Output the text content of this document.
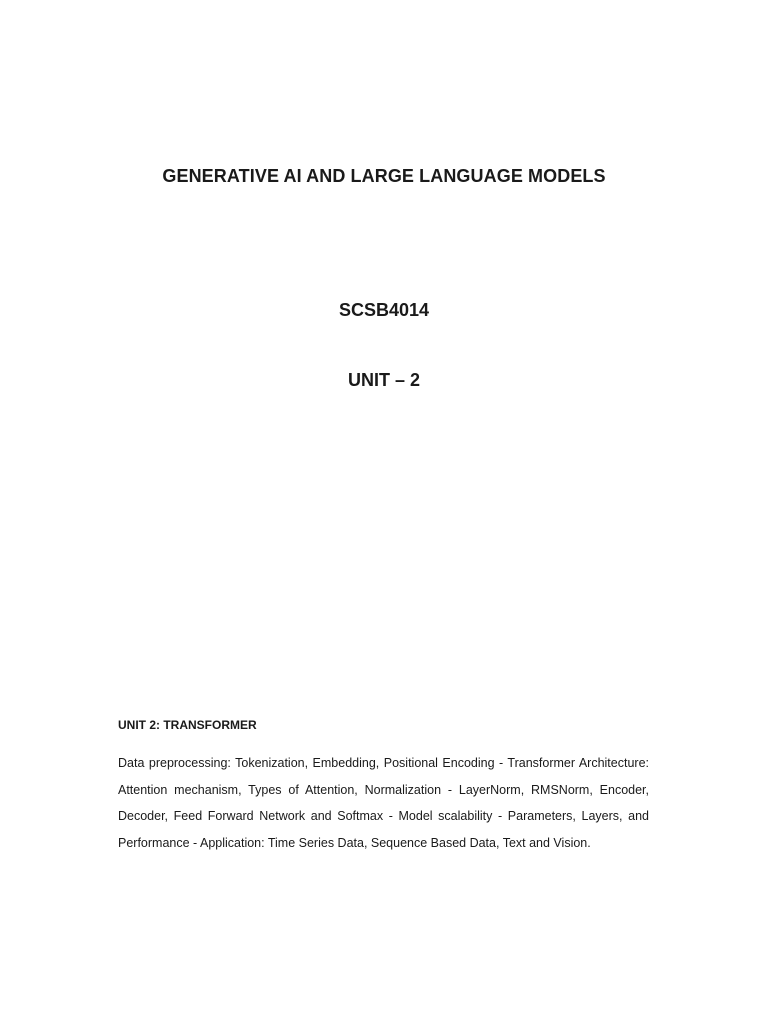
GENERATIVE AI AND LARGE LANGUAGE MODELS
SCSB4014
UNIT – 2
UNIT 2: TRANSFORMER

Data preprocessing: Tokenization, Embedding, Positional Encoding - Transformer Architecture: Attention mechanism, Types of Attention, Normalization - LayerNorm, RMSNorm, Encoder, Decoder, Feed Forward Network and Softmax - Model scalability - Parameters, Layers, and Performance - Application: Time Series Data, Sequence Based Data, Text and Vision.
